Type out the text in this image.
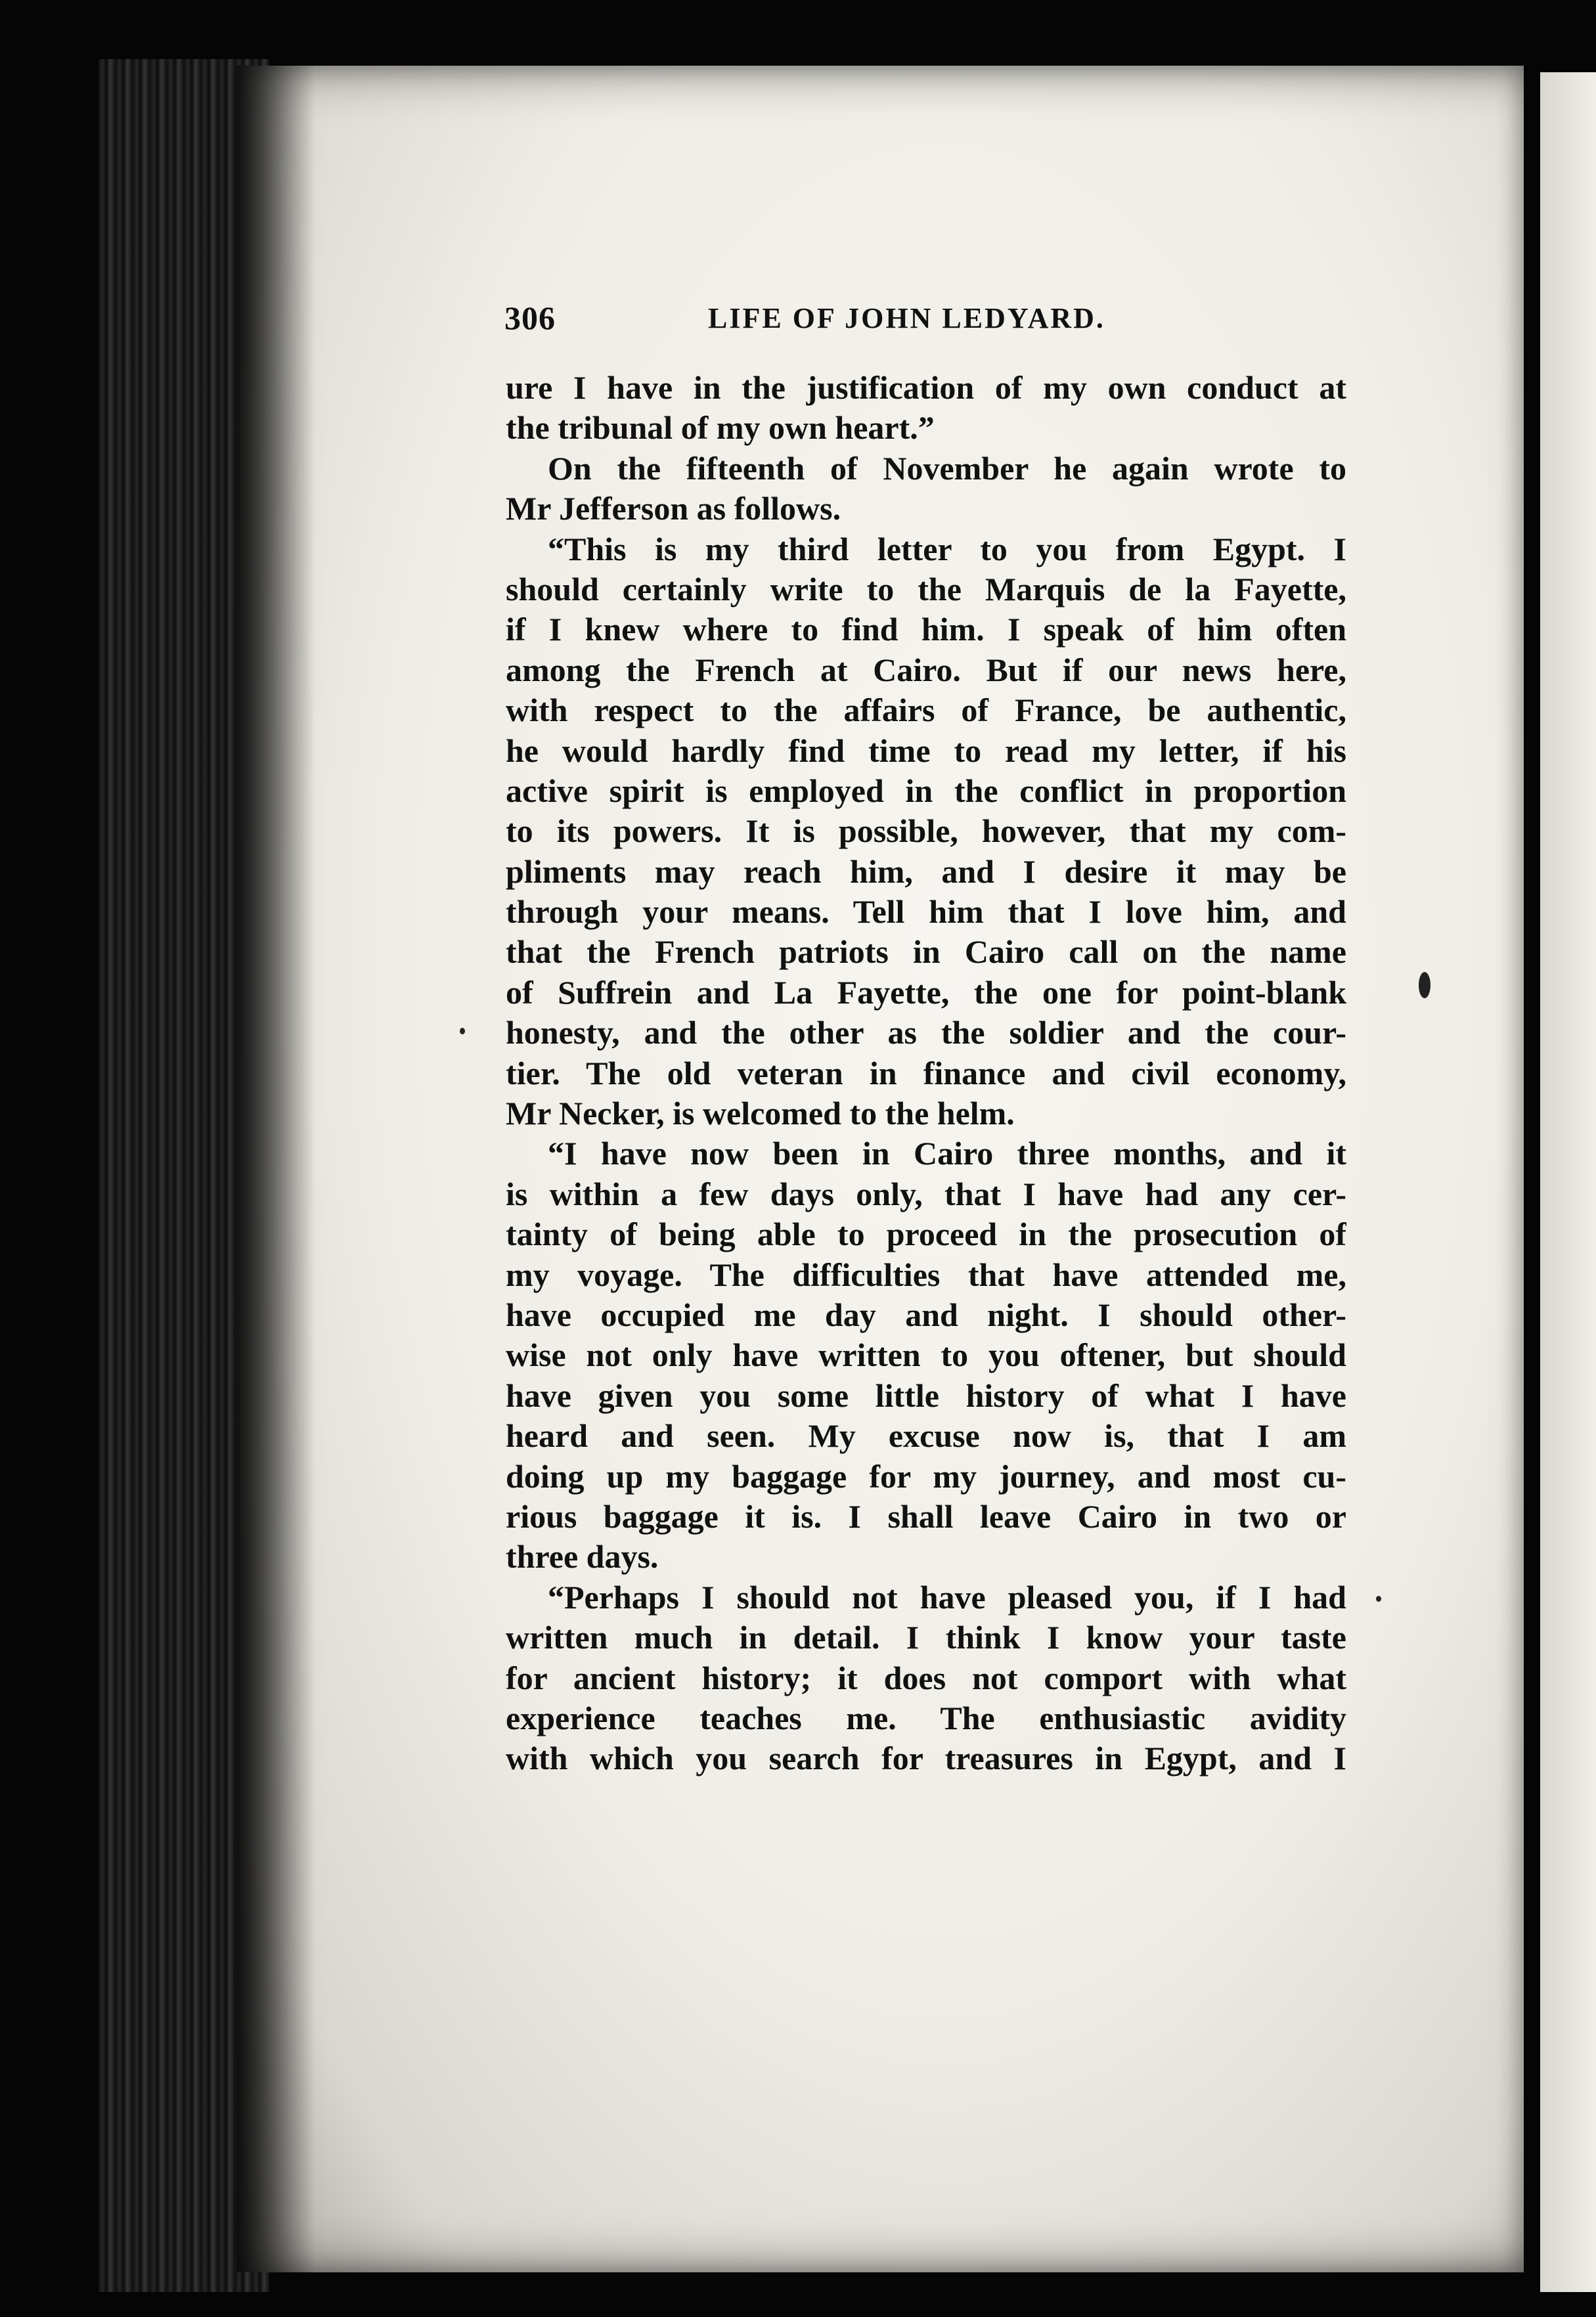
306	LIFE OF JOHN LEDYARD.
ure I have in the justification of my own conduct at
the tribunal of my own heart.”
On the fifteenth of November he again wrote to
Mr Jefferson as follows.
“This is my third letter to you from Egypt. I
should certainly write to the Marquis de la Fayette,
if I knew where to find him. I speak of him often
among the French at Cairo. But if our news here,
with respect to the affairs of France, be authentic,
he would hardly find time to read my letter, if his
active spirit is employed in the conflict in proportion
to its powers. It is possible, however, that my com-
pliments may reach him, and I desire it may be
through your means. Tell him that I love him, and
that the French patriots in Cairo call on the name
of Suffrein and La Fayette, the one for point-blank
honesty, and the other as the soldier and the cour-
tier. The old veteran in finance and civil economy,
Mr Necker, is welcomed to the helm.
“I have now been in Cairo three months, and it
is within a few days only, that I have had any cer-
tainty of being able to proceed in the prosecution of
my voyage. The difficulties that have attended me,
have occupied me day and night. I should other-
wise not only have written to you oftener, but should
have given you some little history of what I have
heard and seen. My excuse now is, that I am
doing up my baggage for my journey, and most cu-
rious baggage it is. I shall leave Cairo in two or
three days.
“Perhaps I should not have pleased you, if I had
written much in detail. I think I know your taste
for ancient history; it does not comport with what
experience teaches me. The enthusiastic avidity
with which you search for treasures in Egypt, and I
